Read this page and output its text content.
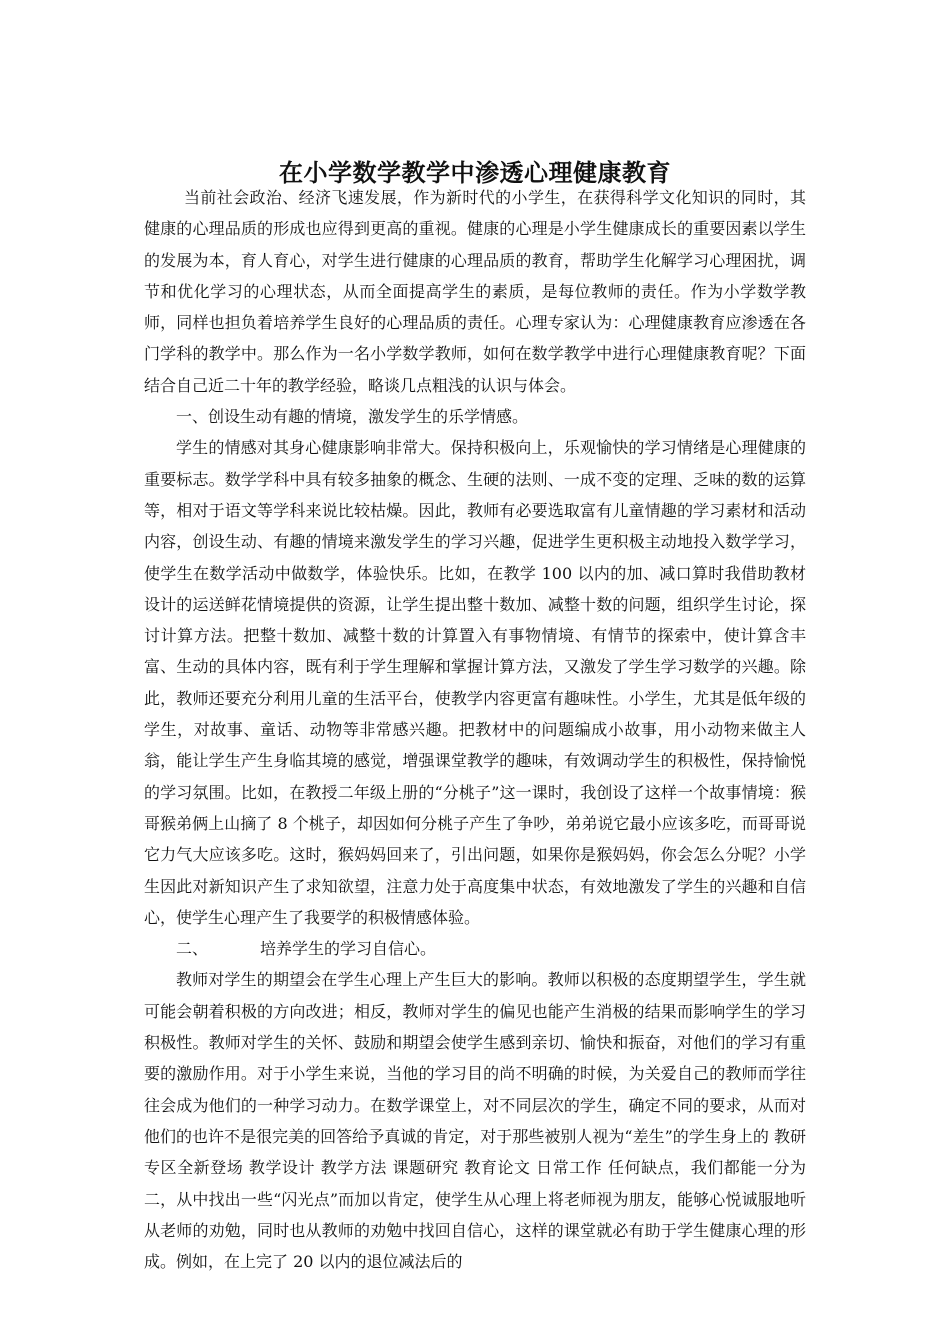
在小学数学教学中渗透心理健康教育

当前社会政治、经济飞速发展，作为新时代的小学生，在获得科学文化知识的同时，其健康的心理品质的形成也应得到更高的重视。健康的心理是小学生健康成长的重要因素以学生的发展为本，育人育心，对学生进行健康的心理品质的教育，帮助学生化解学习心理困扰，调节和优化学习的心理状态，从而全面提高学生的素质，是每位教师的责任。作为小学数学教师，同样也担负着培养学生良好的心理品质的责任。心理专家认为：心理健康教育应渗透在各门学科的教学中。那么作为一名小学数学教师，如何在数学教学中进行心理健康教育呢？下面结合自己近二十年的教学经验，略谈几点粗浅的认识与体会。

一、创设生动有趣的情境，激发学生的乐学情感。

学生的情感对其身心健康影响非常大。保持积极向上，乐观愉快的学习情绪是心理健康的重要标志。数学学科中具有较多抽象的概念、生硬的法则、一成不变的定理、乏味的数的运算等，相对于语文等学科来说比较枯燥。因此，教师有必要选取富有儿童情趣的学习素材和活动内容，创设生动、有趣的情境来激发学生的学习兴趣，促进学生更积极主动地投入数学学习，使学生在数学活动中做数学，体验快乐。比如，在教学 100 以内的加、减口算时我借助教材设计的运送鲜花情境提供的资源，让学生提出整十数加、减整十数的问题，组织学生讨论，探讨计算方法。把整十数加、减整十数的计算置入有事物情境、有情节的探索中，使计算含丰富、生动的具体内容，既有利于学生理解和掌握计算方法，又激发了学生学习数学的兴趣。除此，教师还要充分利用儿童的生活平台，使教学内容更富有趣味性。小学生，尤其是低年级的学生，对故事、童话、动物等非常感兴趣。把教材中的问题编成小故事，用小动物来做主人翁，能让学生产生身临其境的感觉，增强课堂教学的趣味，有效调动学生的积极性，保持愉悦的学习氛围。比如，在教授二年级上册的“分桃子”这一课时，我创设了这样一个故事情境：猴哥猴弟俩上山摘了 8 个桃子，却因如何分桃子产生了争吵，弟弟说它最小应该多吃，而哥哥说它力气大应该多吃。这时，猴妈妈回来了，引出问题，如果你是猴妈妈，你会怎么分呢？小学生因此对新知识产生了求知欲望，注意力处于高度集中状态，有效地激发了学生的兴趣和自信心，使学生心理产生了我要学的积极情感体验。

二、	培养学生的学习自信心。

教师对学生的期望会在学生心理上产生巨大的影响。教师以积极的态度期望学生，学生就可能会朝着积极的方向改进；相反，教师对学生的偏见也能产生消极的结果而影响学生的学习积极性。教师对学生的关怀、鼓励和期望会使学生感到亲切、愉快和振奋，对他们的学习有重要的激励作用。对于小学生来说，当他的学习目的尚不明确的时候，为关爱自己的教师而学往往会成为他们的一种学习动力。在数学课堂上，对不同层次的学生，确定不同的要求，从而对他们的也许不是很完美的回答给予真诚的肯定，对于那些被别人视为“差生”的学生身上的 教研专区全新登场 教学设计 教学方法 课题研究 教育论文 日常工作 任何缺点，我们都能一分为二，从中找出一些“闪光点”而加以肯定，使学生从心理上将老师视为朋友，能够心悦诚服地听从老师的劝勉，同时也从教师的劝勉中找回自信心，这样的课堂就必有助于学生健康心理的形成。例如，在上完了 20 以内的退位减法后的
